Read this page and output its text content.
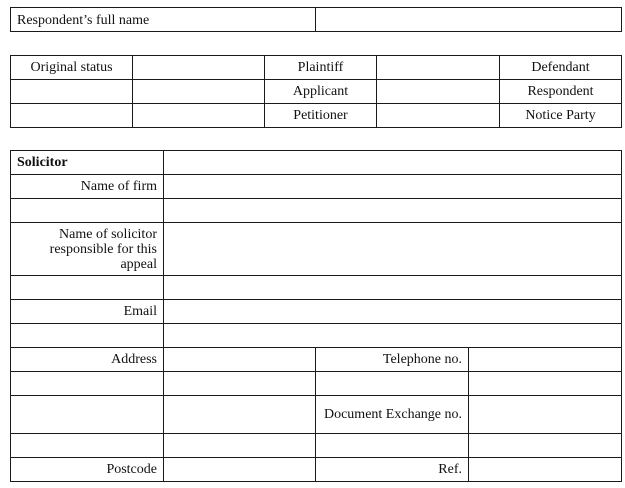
Respondent’s full name	
Original status		Plaintiff		Defendant
		Applicant		Respondent
		Petitioner		Notice Party
Solicitor			
Name of firm			

Name of solicitor responsible for this appeal			

Email			

Address		Telephone no.	

		Document Exchange no.	

Postcode		Ref.	
